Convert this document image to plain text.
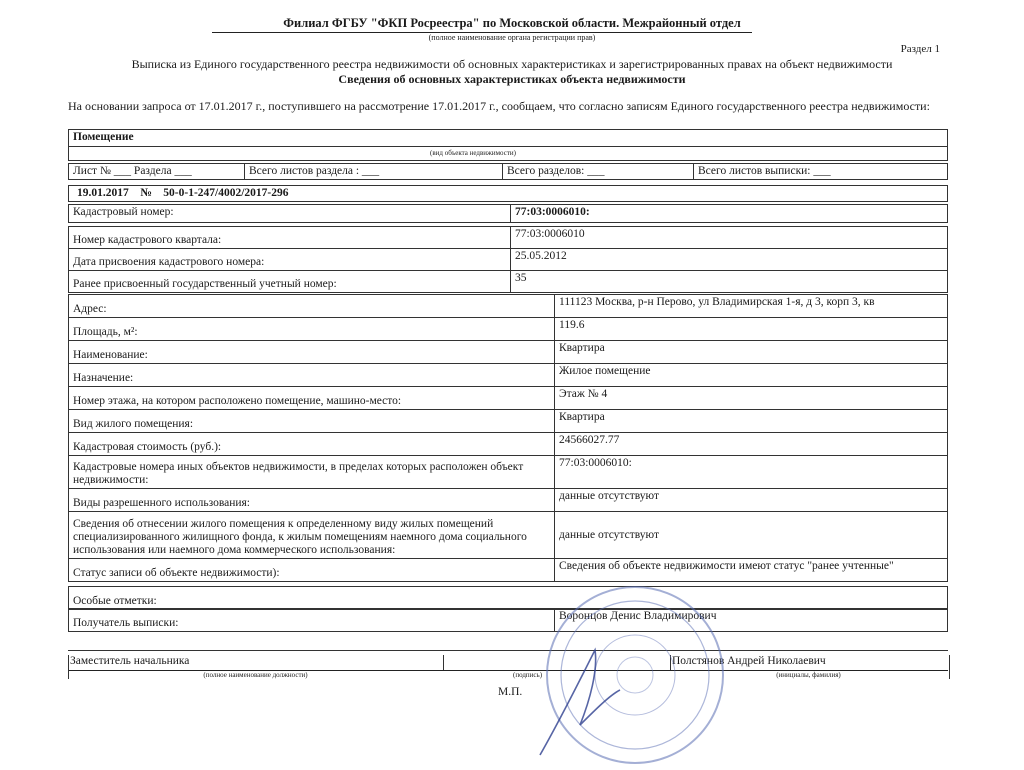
Филиал ФГБУ "ФКП Росреестра" по Московской области. Межрайонный отдел
(полное наименование органа регистрации прав)
Раздел 1
Выписка из Единого государственного реестра недвижимости об основных характеристиках и зарегистрированных правах на объект недвижимости
Сведения об основных характеристиках объекта недвижимости
На основании запроса от 17.01.2017 г., поступившего на рассмотрение 17.01.2017 г., сообщаем, что согласно записям Единого государственного реестра недвижимости:
Помещение

(вид объекта недвижимости)
Лист № ___ Раздела ___	Всего листов раздела : ___	Всего разделов: ___	Всего листов выписки: ___
19.01.2017    №    50-0-1-247/4002/2017-296
Кадастровый номер:	77:03:0006010:
Номер кадастрового квартала:	77:03:0006010
Дата присвоения кадастрового номера:	25.05.2012
Ранее присвоенный государственный учетный номер:	35
Адрес:	111123 Москва, р-н Перово, ул Владимирская 1-я, д 3, корп 3, кв
Площадь, м²:	119.6
Наименование:	Квартира
Назначение:	Жилое помещение
Номер этажа, на котором расположено помещение, машино-место:	Этаж № 4
Вид жилого помещения:	Квартира
Кадастровая стоимость (руб.):	24566027.77
Кадастровые номера иных объектов недвижимости, в пределах которых расположен объект недвижимости:	77:03:0006010:
Виды разрешенного использования:	данные отсутствуют
Сведения об отнесении жилого помещения к определенному виду жилых помещений специализированного жилищного фонда, к жилым помещениям наемного дома социального использования или наемного дома коммерческого использования:	данные отсутствуют
Статус записи об объекте недвижимости):	Сведения об объекте недвижимости имеют статус "ранее учтенные"
Особые отметки:
Получатель выписки:	Воронцов Денис Владимирович
_____
Заместитель начальника	Полстянов Андрей Николаевич
(полное наименование должности)	(подпись)	(инициалы, фамилия)
М.П.
